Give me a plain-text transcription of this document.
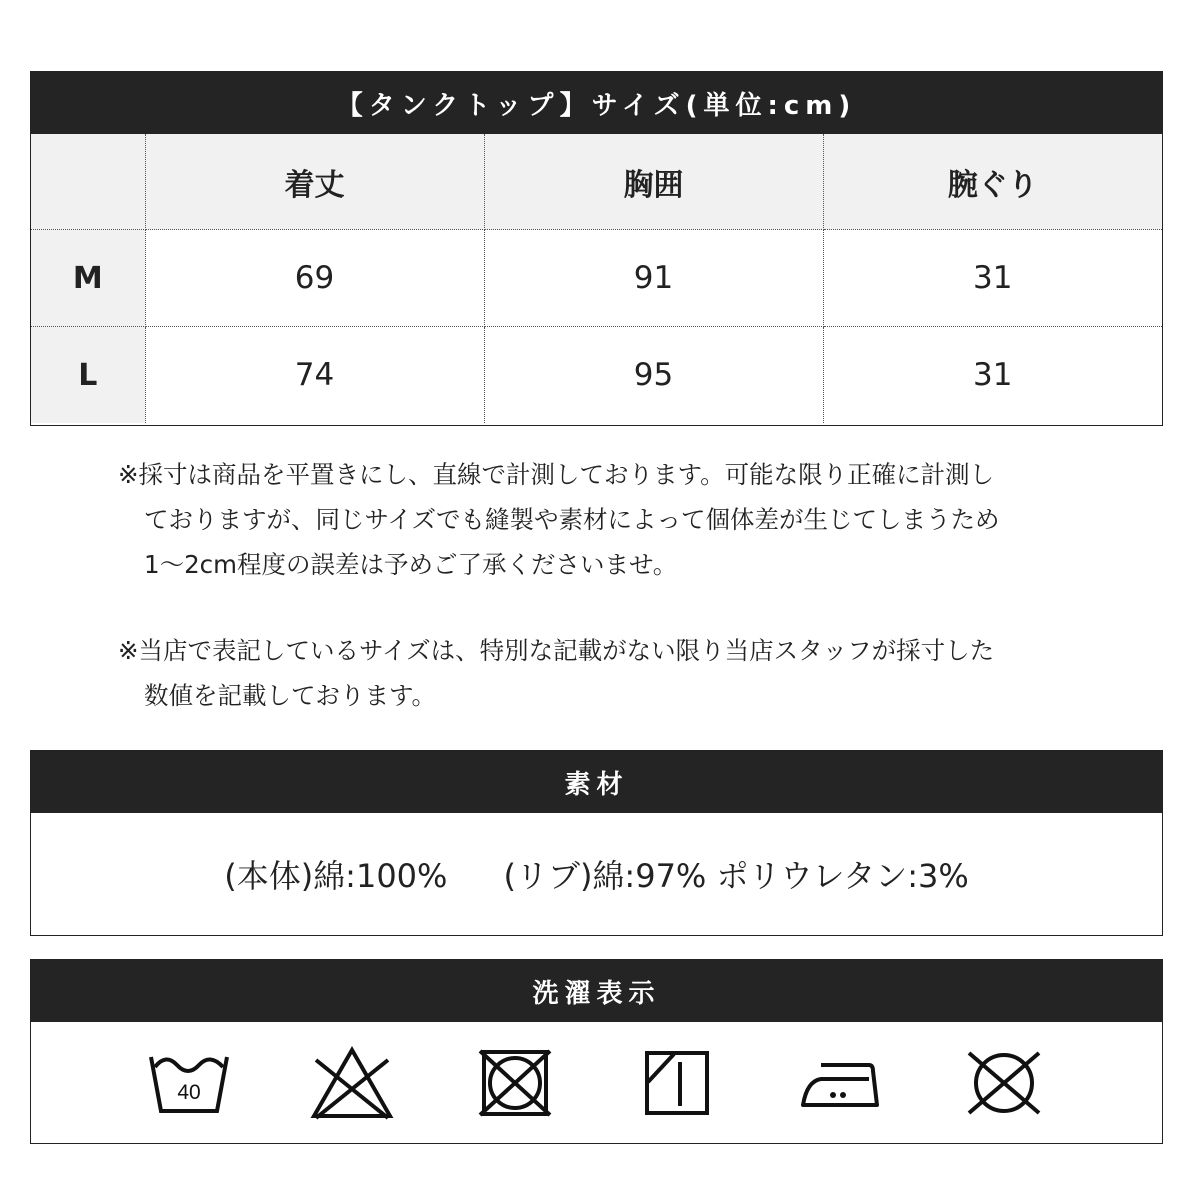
【タンクトップ】サイズ(単位:cm)
	着丈	胸囲	腕ぐり
M	69	91	31
L	74	95	31

※採寸は商品を平置きにし、直線で計測しております。可能な限り正確に計測し

ておりますが、同じサイズでも縫製や素材によって個体差が生じてしまうため

1〜2cm程度の誤差は予めご了承くださいませ。

※当店で表記しているサイズは、特別な記載がない限り当店スタッフが採寸した

数値を記載しております。

素材
(本体)綿:100% (リブ)綿:97% ポリウレタン:3%
洗濯表示
40
